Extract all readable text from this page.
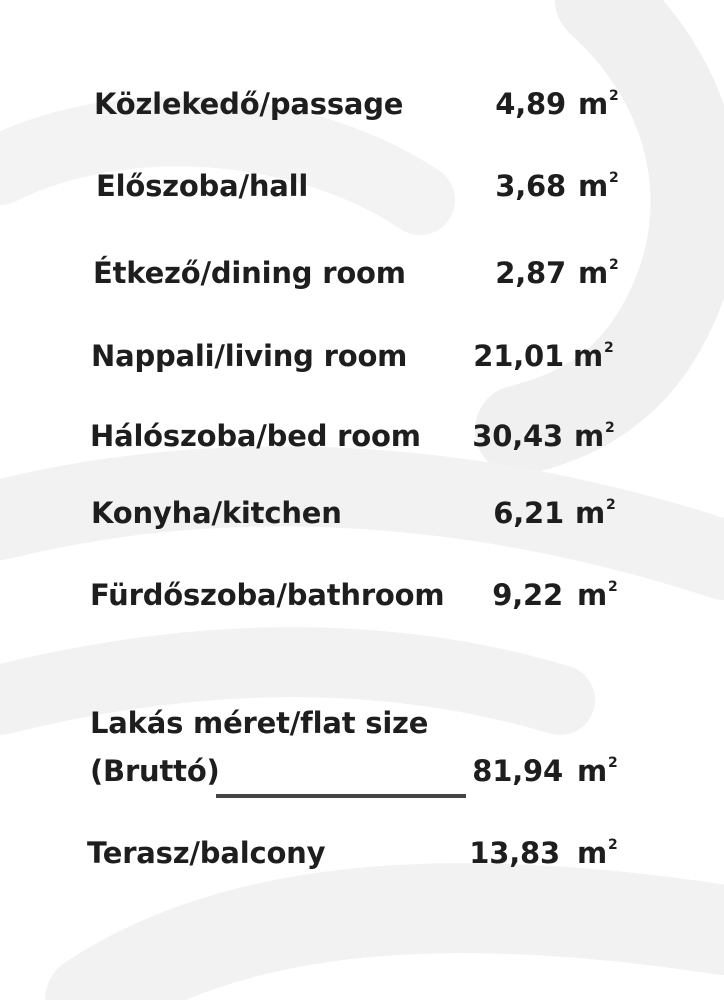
Közlekedő/passage	4,89 $m^2$
Előszoba/hall	3,68 $m^2$
Étkező/dining room	2,87 $m^2$
Nappali/living room 21,01 $m^2$
Hálószoba/bed room 30,43 $m^2$
Konyha/kitchen	6,21 $m^2$
Fürdőszoba/bathroom 9,22 $m^2$
Lakás méret/flat size
(Bruttó)	81,94 $m^2$
Terasz/balcony	13,83 $m^2$
